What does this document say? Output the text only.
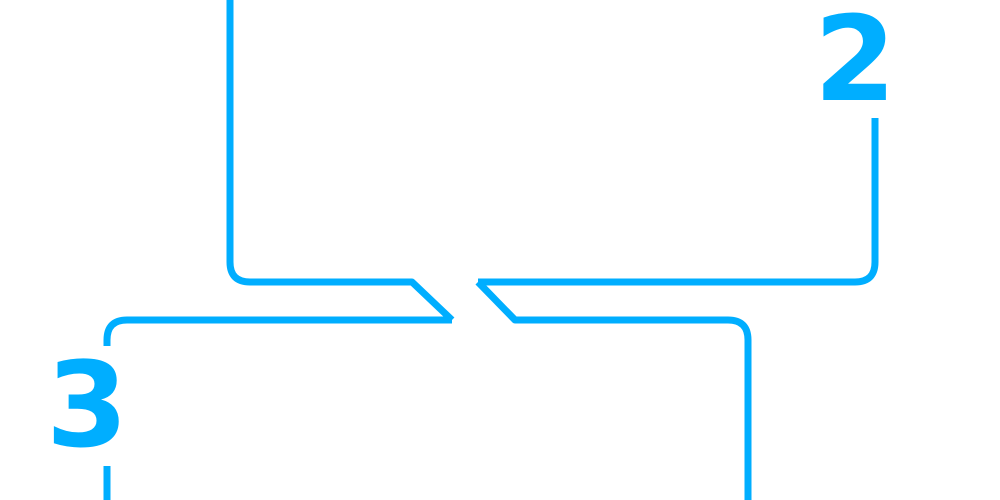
2
3
